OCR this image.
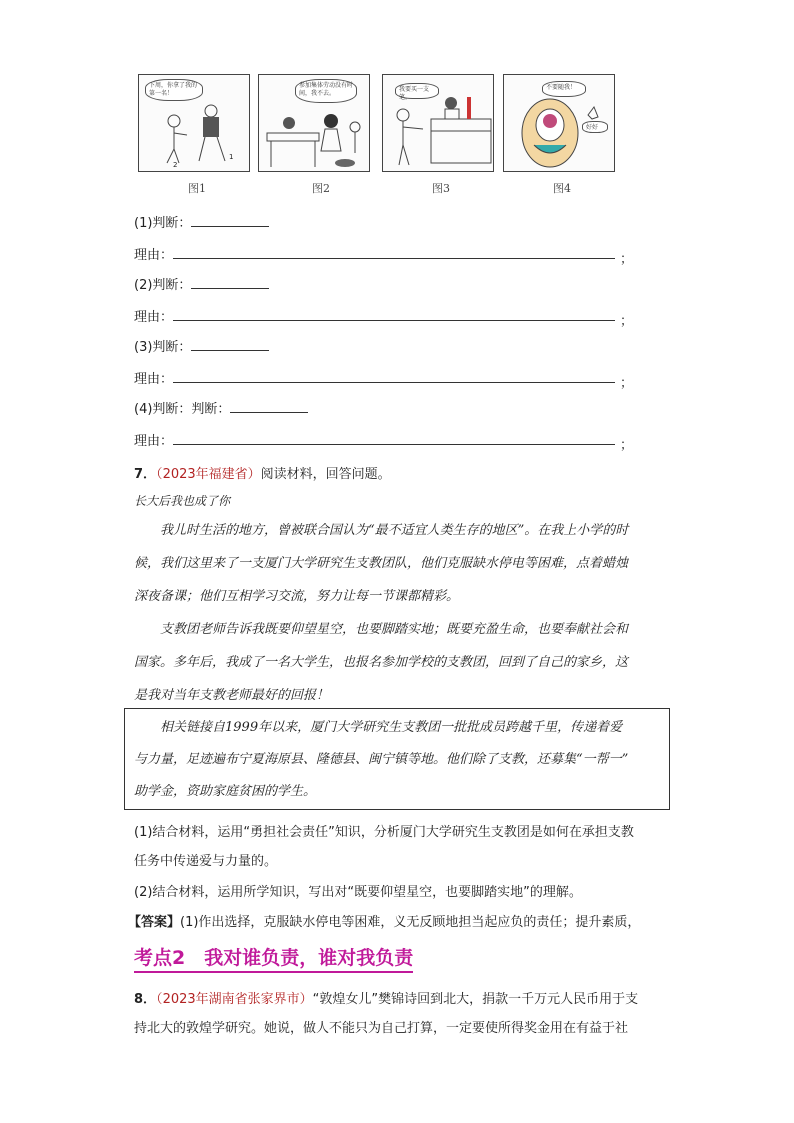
下周，你拿了我的第一名！
2
1
参加集体劳动没有时间，我不去。
我要买一支笔。
不要随我！
好好
图1	图2	图3	图4
(1)判断：
理由：	；
(2)判断：
理由：	；
(3)判断：
理由：	；
(4)判断：判断：
理由：	；
7．（2023年福建省）阅读材料，回答问题。
长大后我也成了你
我儿时生活的地方，曾被联合国认为“最不适宜人类生存的地区”。在我上小学的时
候，我们这里来了一支厦门大学研究生支教团队，他们克服缺水停电等困难，点着蜡烛
深夜备课；他们互相学习交流，努力让每一节课都精彩。
支教团老师告诉我既要仰望星空，也要脚踏实地；既要充盈生命，也要奉献社会和
国家。多年后，我成了一名大学生，也报名参加学校的支教团，回到了自己的家乡，这
是我对当年支教老师最好的回报！
相关链接自1999年以来，厦门大学研究生支教团一批批成员跨越千里，传递着爱
与力量，足迹遍布宁夏海原县、隆德县、闽宁镇等地。他们除了支教，还募集“一帮一”
助学金，资助家庭贫困的学生。
(1)结合材料，运用“勇担社会责任”知识，分析厦门大学研究生支教团是如何在承担支教
任务中传递爱与力量的。
(2)结合材料，运用所学知识，写出对“既要仰望星空，也要脚踏实地”的理解。
【答案】(1)作出选择，克服缺水停电等困难，义无反顾地担当起应负的责任；提升素质，
考点2　我对谁负责，谁对我负责
8．（2023年湖南省张家界市）“敦煌女儿”樊锦诗回到北大，捐款一千万元人民币用于支
持北大的敦煌学研究。她说，做人不能只为自己打算，一定要使所得奖金用在有益于社
